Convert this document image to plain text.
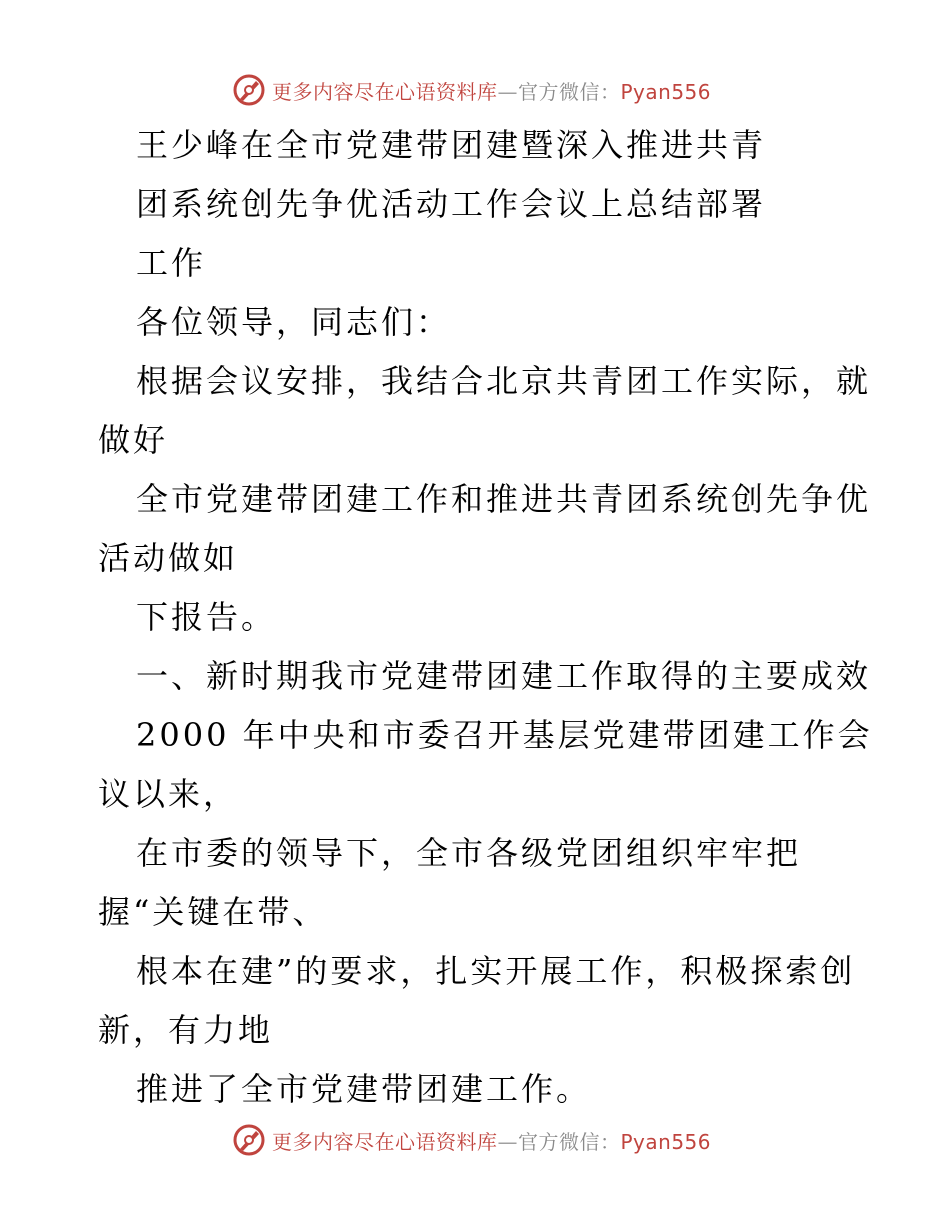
更多内容尽在心语资料库—官方微信：Pyan556
王少峰在全市党建带团建暨深入推进共青
团系统创先争优活动工作会议上总结部署
工作
各位领导，同志们：
根据会议安排，我结合北京共青团工作实际，就
做好
全市党建带团建工作和推进共青团系统创先争优
活动做如
下报告。
一、新时期我市党建带团建工作取得的主要成效
2000 年中央和市委召开基层党建带团建工作会
议以来，
在市委的领导下，全市各级党团组织牢牢把
握“关键在带、
根本在建”的要求，扎实开展工作，积极探索创
新，有力地
推进了全市党建带团建工作。
更多内容尽在心语资料库—官方微信：Pyan556
